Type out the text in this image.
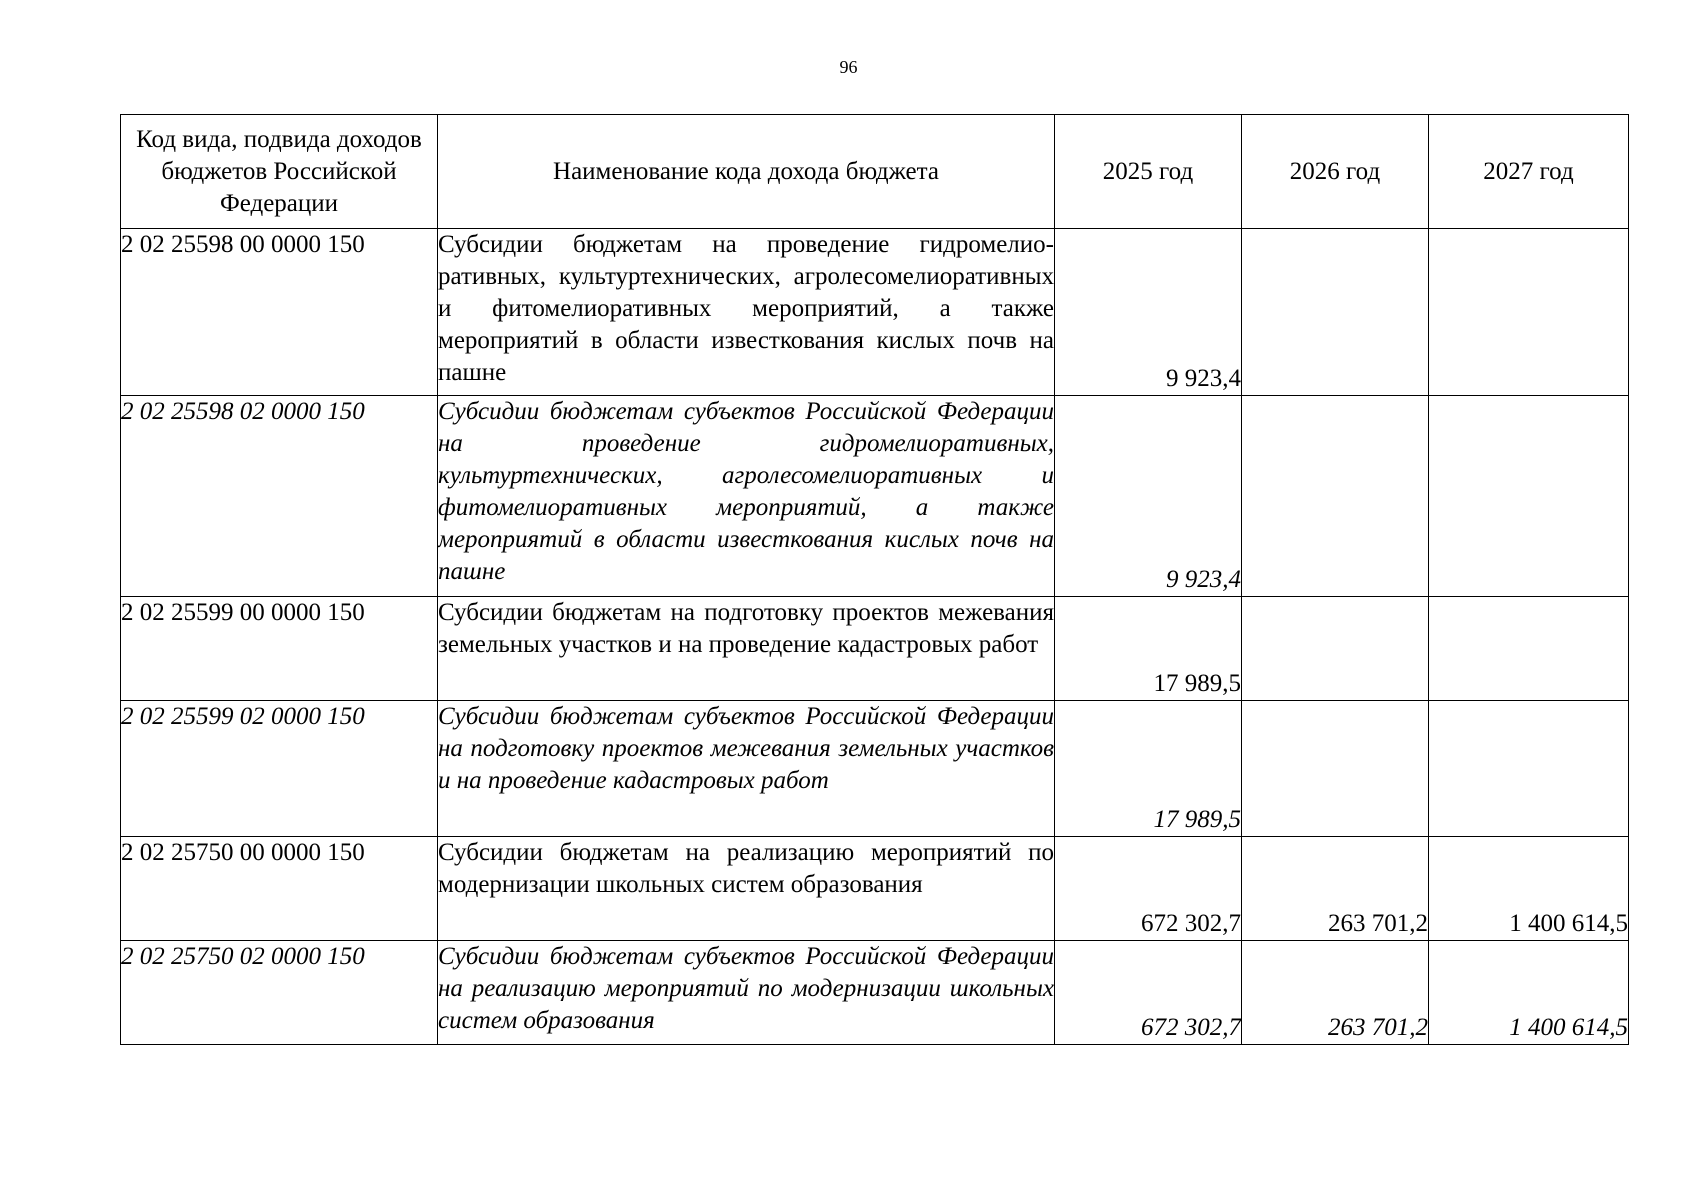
96
Код вида, подвида доходов бюджетов Российской Федерации	Наименование кода дохода бюджета	2025 год	2026 год	2027 год
2 02 25598 00 0000 150	Субсидии бюджетам на проведение гидромелиоративных, культуртехнических, агролесомелиоративных и фитомелиоративных мероприятий, а также мероприятий в области известкования кислых почв на пашне	9 923,4		
2 02 25598 02 0000 150	Субсидии бюджетам субъектов Российской Федерации на проведение гидромелиоративных, культуртехнических, агролесомелиоративных и фитомелиоративных мероприятий, а также мероприятий в области известкования кислых почв на пашне	9 923,4		
2 02 25599 00 0000 150	Субсидии бюджетам на подготовку проектов межевания земельных участков и на проведение кадастровых работ	17 989,5		
2 02 25599 02 0000 150	Субсидии бюджетам субъектов Российской Федерации на подготовку проектов межевания земельных участков и на проведение кадастровых работ	17 989,5		
2 02 25750 00 0000 150	Субсидии бюджетам на реализацию мероприятий по модернизации школьных систем образования	672 302,7	263 701,2	1 400 614,5
2 02 25750 02 0000 150	Субсидии бюджетам субъектов Российской Федерации на реализацию мероприятий по модернизации школьных систем образования	672 302,7	263 701,2	1 400 614,5
